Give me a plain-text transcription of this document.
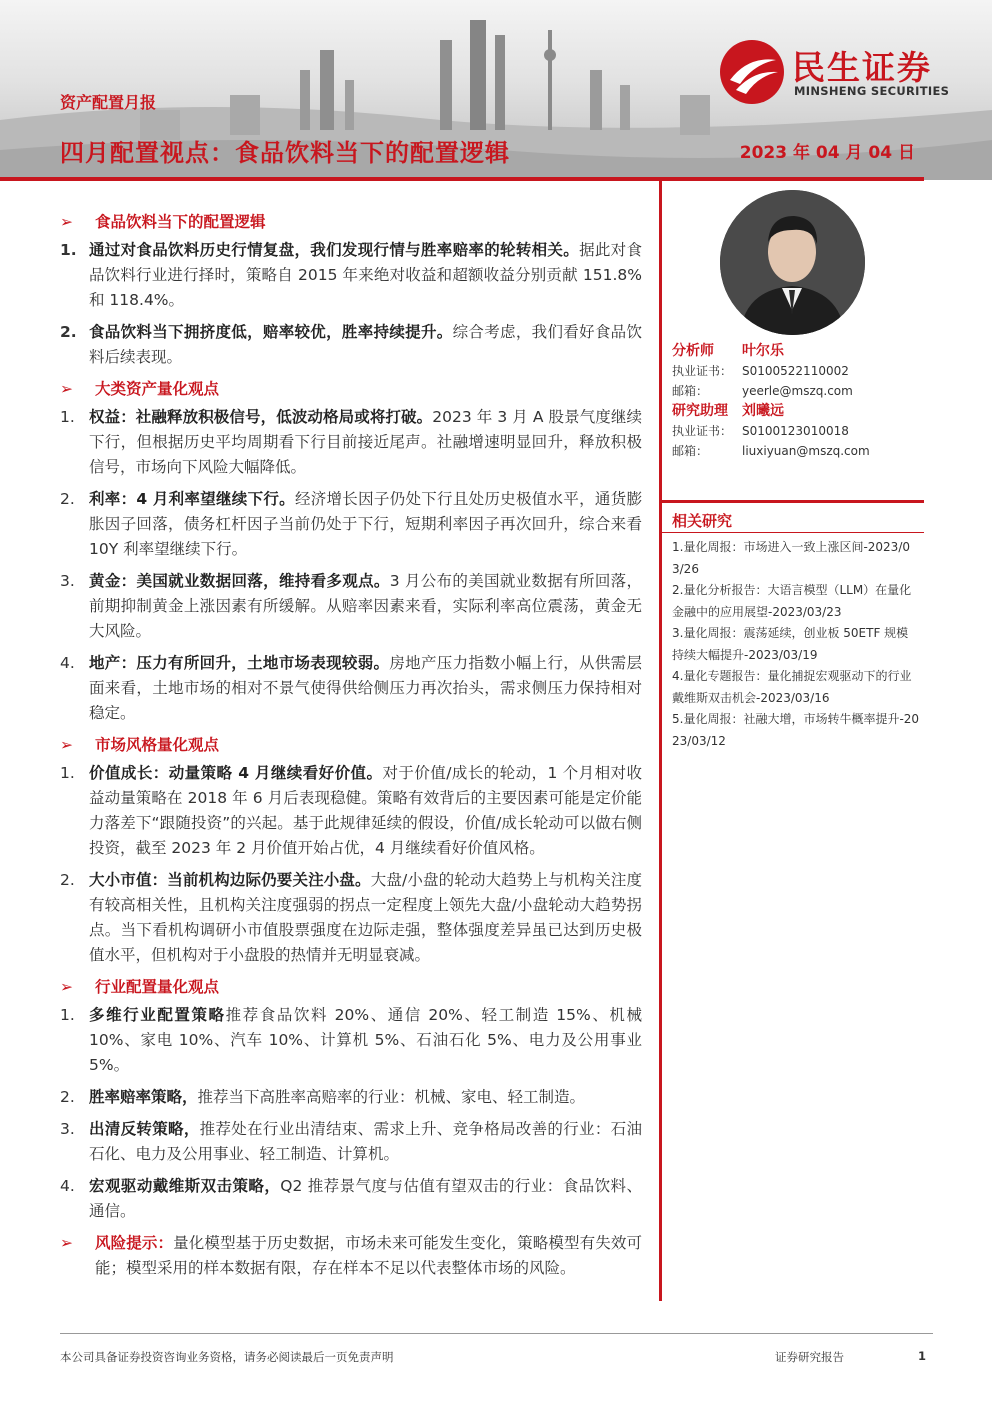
资产配置月报
四月配置视点：食品饮料当下的配置逻辑	2023 年 04 月 04 日
民生证券
MINSHENG SECURITIES
➢ 食品饮料当下的配置逻辑
1. 通过对食品饮料历史行情复盘，我们发现行情与胜率赔率的轮转相关。据此对食品饮料行业进行择时，策略自 2015 年来绝对收益和超额收益分别贡献 151.8%和 118.4%。
2. 食品饮料当下拥挤度低，赔率较优，胜率持续提升。综合考虑，我们看好食品饮料后续表现。
➢ 大类资产量化观点
1. 权益：社融释放积极信号，低波动格局或将打破。2023 年 3 月 A 股景气度继续下行，但根据历史平均周期看下行目前接近尾声。社融增速明显回升，释放积极信号，市场向下风险大幅降低。
2. 利率：4 月利率望继续下行。经济增长因子仍处下行且处历史极值水平，通货膨胀因子回落，债务杠杆因子当前仍处于下行，短期利率因子再次回升，综合来看 10Y 利率望继续下行。
3. 黄金：美国就业数据回落，维持看多观点。3 月公布的美国就业数据有所回落，前期抑制黄金上涨因素有所缓解。从赔率因素来看，实际利率高位震荡，黄金无大风险。
4. 地产：压力有所回升，土地市场表现较弱。房地产压力指数小幅上行，从供需层面来看，土地市场的相对不景气使得供给侧压力再次抬头，需求侧压力保持相对稳定。
➢ 市场风格量化观点
1. 价值成长：动量策略 4 月继续看好价值。对于价值/成长的轮动，1 个月相对收益动量策略在 2018 年 6 月后表现稳健。策略有效背后的主要因素可能是定价能力落差下“跟随投资”的兴起。基于此规律延续的假设，价值/成长轮动可以做右侧投资，截至 2023 年 2 月价值开始占优，4 月继续看好价值风格。
2. 大小市值：当前机构边际仍要关注小盘。大盘/小盘的轮动大趋势上与机构关注度有较高相关性，且机构关注度强弱的拐点一定程度上领先大盘/小盘轮动大趋势拐点。当下看机构调研小市值股票强度在边际走强，整体强度差异虽已达到历史极值水平，但机构对于小盘股的热情并无明显衰减。
➢ 行业配置量化观点
1. 多维行业配置策略推荐食品饮料 20%、通信 20%、轻工制造 15%、机械 10%、家电 10%、汽车 10%、计算机 5%、石油石化 5%、电力及公用事业 5%。
2. 胜率赔率策略，推荐当下高胜率高赔率的行业：机械、家电、轻工制造。
3. 出清反转策略，推荐处在行业出清结束、需求上升、竞争格局改善的行业：石油石化、电力及公用事业、轻工制造、计算机。
4. 宏观驱动戴维斯双击策略，Q2 推荐景气度与估值有望双击的行业：食品饮料、通信。
➢ 风险提示：量化模型基于历史数据，市场未来可能发生变化，策略模型有失效可能；模型采用的样本数据有限，存在样本不足以代表整体市场的风险。
分析师 叶尔乐
执业证书： S0100522110002
邮箱：	yeerle@mszq.com
研究助理 刘曦远
执业证书： S0100123010018
邮箱：	liuxiyuan@mszq.com
相关研究
1.量化周报：市场进入一致上涨区间-2023/03/26
2.量化分析报告：大语言模型（LLM）在量化金融中的应用展望-2023/03/23
3.量化周报：震荡延续，创业板 50ETF 规模持续大幅提升-2023/03/19
4.量化专题报告：量化捕捉宏观驱动下的行业戴维斯双击机会-2023/03/16
5.量化周报：社融大增，市场转牛概率提升-2023/03/12
本公司具备证券投资咨询业务资格，请务必阅读最后一页免责声明	证券研究报告	1
